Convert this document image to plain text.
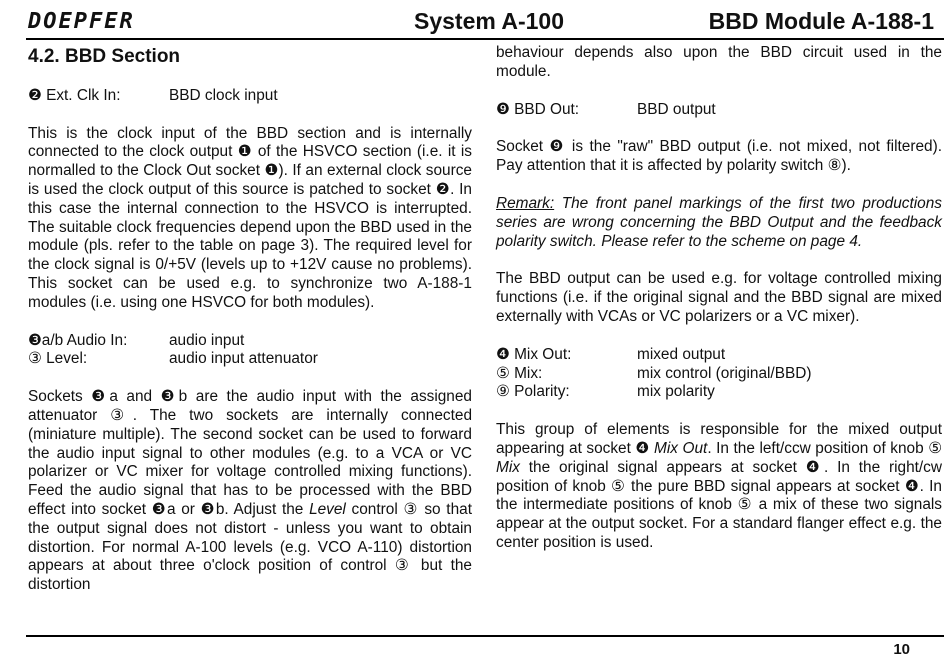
DOEPFER	System A-100	BBD Module A-188-1
4.2. BBD Section
❷ Ext. Clk In:	BBD clock input

This is the clock input of the BBD section and is internally connected to the clock output ❶ of the HSVCO section (i.e. it is normalled to the Clock Out socket ❶). If an external clock source is used the clock output of this source is patched to socket ❷. In this case the internal connection to the HSVCO is interrupted. The suitable clock frequencies depend upon the BBD used in the module (pls. refer to the table on page 3). The required level for the clock signal is 0/+5V (levels up to +12V cause no problems). This socket can be used e.g. to synchronize two A-188-1 modules (i.e. using one HSVCO for both modules).

❸a/b Audio In:	audio input
③ Level:	audio input attenuator

Sockets ❸a and ❸b are the audio input with the assigned attenuator ③. The two sockets are internally connected (miniature multiple). The second socket can be used to forward the audio input signal to other modules (e.g. to a VCA or VC polarizer or VC mixer for voltage controlled mixing functions). Feed the audio signal that has to be processed with the BBD effect into socket ❸a or ❸b. Adjust the Level control ③ so that the output signal does not distort - unless you want to obtain distortion. For normal A-100 levels (e.g. VCO A-110) distortion appears at about three o'clock position of control ③ but the distortion

behaviour depends also upon the BBD circuit used in the module.

❾ BBD Out:	BBD output

Socket ❾ is the "raw" BBD output (i.e. not mixed, not filtered). Pay attention that it is affected by polarity switch ⑧).

Remark: The front panel markings of the first two productions series are wrong concerning the BBD Output and the feedback polarity switch. Please refer to the scheme on page 4.

The BBD output can be used e.g. for voltage controlled mixing functions (i.e. if the original signal and the BBD signal are mixed externally with VCAs or VC polarizers or a VC mixer).

❹ Mix Out:	mixed output
⑤ Mix:	mix control (original/BBD)
⑨ Polarity:	mix polarity

This group of elements is responsible for the mixed output appearing at socket ❹ Mix Out. In the left/ccw position of knob ⑤ Mix the original signal appears at socket ❹. In the right/cw position of knob ⑤ the pure BBD signal appears at socket ❹. In the intermediate positions of knob ⑤ a mix of these two signals appear at the output socket. For a standard flanger effect e.g. the center position is used.

10
